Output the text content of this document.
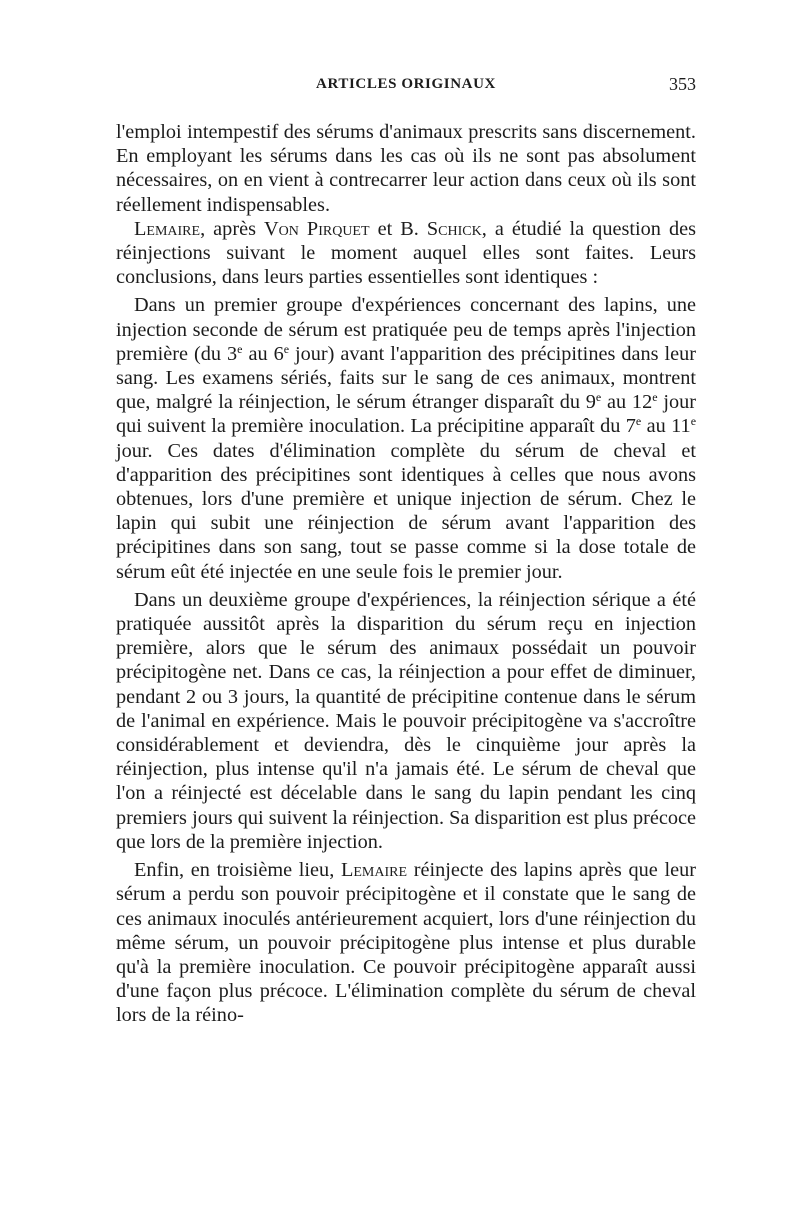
ARTICLES ORIGINAUX	353

l'emploi intempestif des sérums d'animaux prescrits sans discernement. En employant les sérums dans les cas où ils ne sont pas absolument nécessaires, on en vient à contrecarrer leur action dans ceux où ils sont réellement indispensables.

Lemaire, après Von Pirquet et B. Schick, a étudié la question des réinjections suivant le moment auquel elles sont faites. Leurs conclusions, dans leurs parties essentielles sont identiques :

Dans un premier groupe d'expériences concernant des lapins, une injection seconde de sérum est pratiquée peu de temps après l'injection première (du 3e au 6e jour) avant l'apparition des précipitines dans leur sang. Les examens sériés, faits sur le sang de ces animaux, montrent que, malgré la réinjection, le sérum étranger disparaît du 9e au 12e jour qui suivent la première inoculation. La précipitine apparaît du 7e au 11e jour. Ces dates d'élimination complète du sérum de cheval et d'apparition des précipitines sont identiques à celles que nous avons obtenues, lors d'une première et unique injection de sérum. Chez le lapin qui subit une réinjection de sérum avant l'apparition des précipitines dans son sang, tout se passe comme si la dose totale de sérum eût été injectée en une seule fois le premier jour.

Dans un deuxième groupe d'expériences, la réinjection sérique a été pratiquée aussitôt après la disparition du sérum reçu en injection première, alors que le sérum des animaux possédait un pouvoir précipitogène net. Dans ce cas, la réinjection a pour effet de diminuer, pendant 2 ou 3 jours, la quantité de précipitine contenue dans le sérum de l'animal en expérience. Mais le pouvoir précipitogène va s'accroître considérablement et deviendra, dès le cinquième jour après la réinjection, plus intense qu'il n'a jamais été. Le sérum de cheval que l'on a réinjecté est décelable dans le sang du lapin pendant les cinq premiers jours qui suivent la réinjection. Sa disparition est plus précoce que lors de la première injection.

Enfin, en troisième lieu, Lemaire réinjecte des lapins après que leur sérum a perdu son pouvoir précipitogène et il constate que le sang de ces animaux inoculés antérieurement acquiert, lors d'une réinjection du même sérum, un pouvoir précipitogène plus intense et plus durable qu'à la première inoculation. Ce pouvoir précipitogène apparaît aussi d'une façon plus précoce. L'élimination complète du sérum de cheval lors de la réino-
